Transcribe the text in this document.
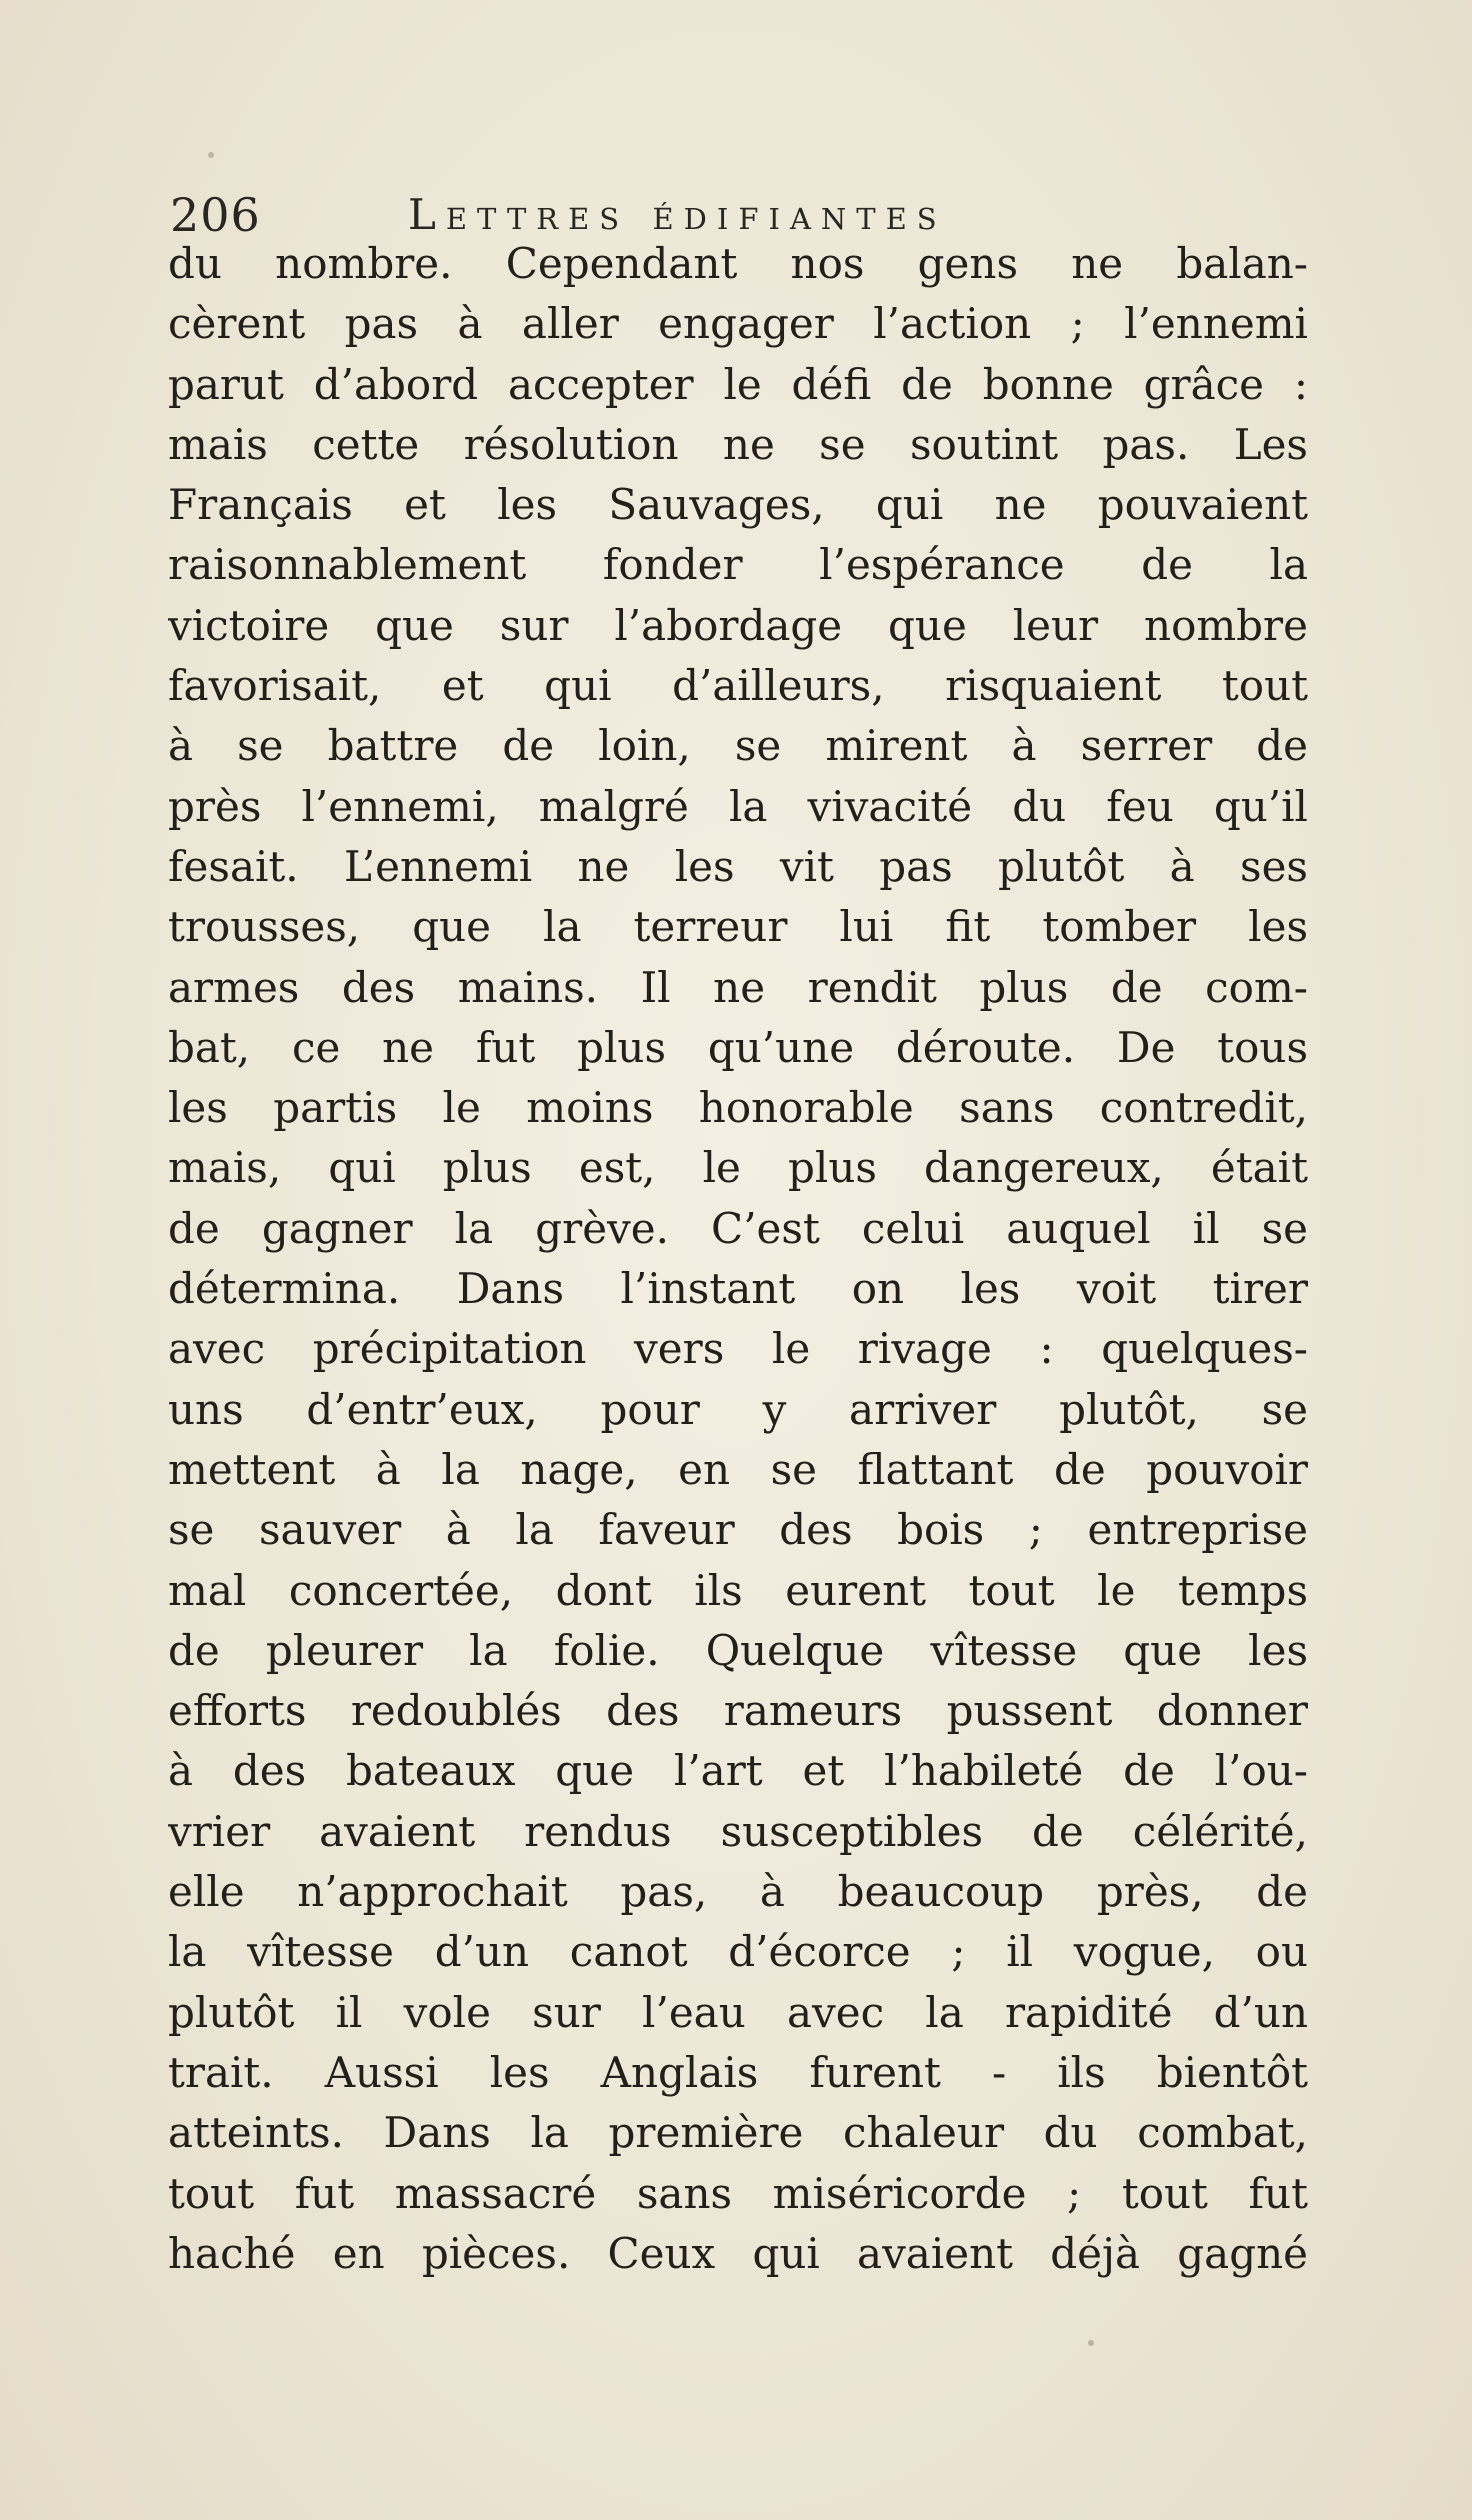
206	Lettres édifiantes
du nombre. Cependant nos gens ne balan-
cèrent pas à aller engager l’action ; l’ennemi
parut d’abord accepter le défi de bonne grâce :
mais cette résolution ne se soutint pas. Les
Français et les Sauvages, qui ne pouvaient
raisonnablement fonder l’espérance de la
victoire que sur l’abordage que leur nombre
favorisait, et qui d’ailleurs, risquaient tout
à se battre de loin, se mirent à serrer de
près l’ennemi, malgré la vivacité du feu qu’il
fesait. L’ennemi ne les vit pas plutôt à ses
trousses, que la terreur lui fit tomber les
armes des mains. Il ne rendit plus de com-
bat, ce ne fut plus qu’une déroute. De tous
les partis le moins honorable sans contredit,
mais, qui plus est, le plus dangereux, était
de gagner la grève. C’est celui auquel il se
détermina. Dans l’instant on les voit tirer
avec précipitation vers le rivage : quelques-
uns d’entr’eux, pour y arriver plutôt, se
mettent à la nage, en se flattant de pouvoir
se sauver à la faveur des bois ; entreprise
mal concertée, dont ils eurent tout le temps
de pleurer la folie. Quelque vîtesse que les
efforts redoublés des rameurs pussent donner
à des bateaux que l’art et l’habileté de l’ou-
vrier avaient rendus susceptibles de célérité,
elle n’approchait pas, à beaucoup près, de
la vîtesse d’un canot d’écorce ; il vogue, ou
plutôt il vole sur l’eau avec la rapidité d’un
trait. Aussi les Anglais furent - ils bientôt
atteints. Dans la première chaleur du combat,
tout fut massacré sans miséricorde ; tout fut
haché en pièces. Ceux qui avaient déjà gagné
